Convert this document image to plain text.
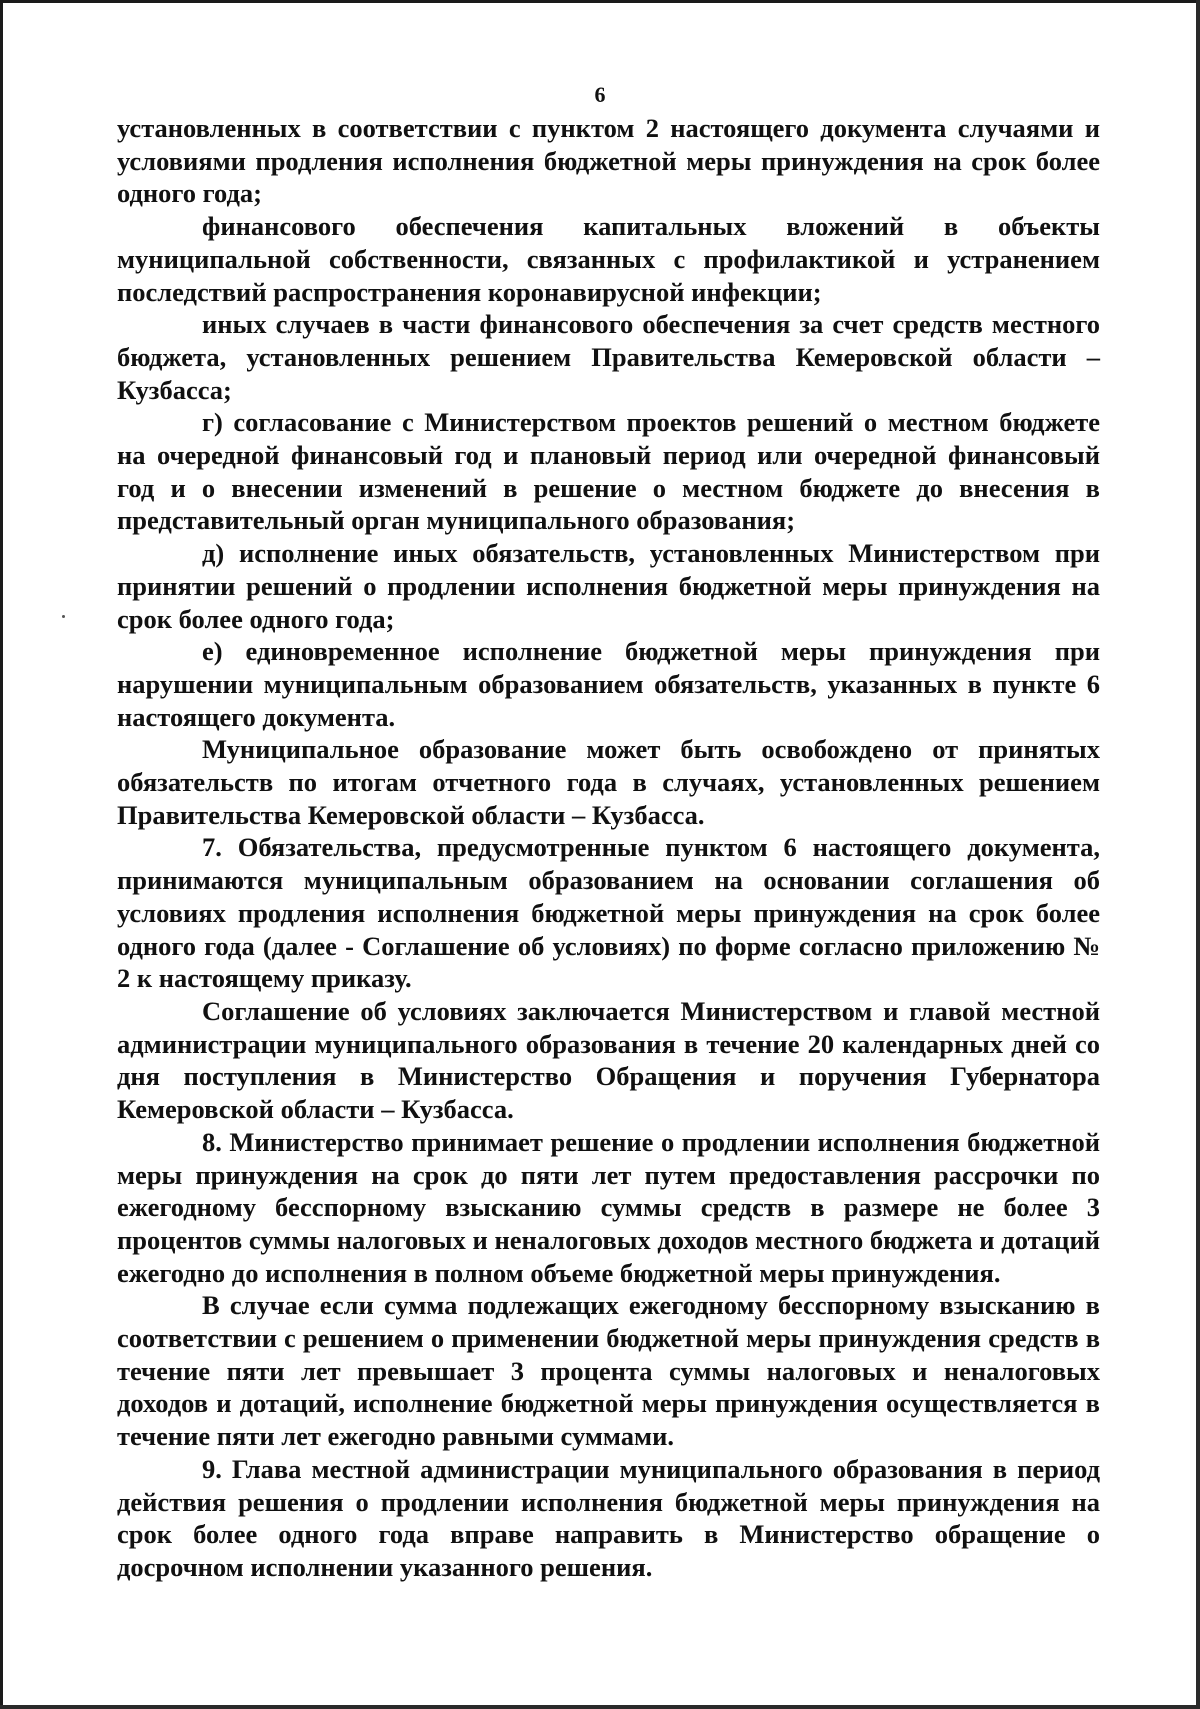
6

установленных в соответствии с пунктом 2 настоящего документа случаями и условиями продления исполнения бюджетной меры принуждения на срок более одного года;

финансового обеспечения капитальных вложений в объекты муниципальной собственности, связанных с профилактикой и устранением последствий распространения коронавирусной инфекции;

иных случаев в части финансового обеспечения за счет средств местного бюджета, установленных решением Правительства Кемеровской области – Кузбасса;

г) согласование с Министерством проектов решений о местном бюджете на очередной финансовый год и плановый период или очередной финансовый год и о внесении изменений в решение о местном бюджете до внесения в представительный орган муниципального образования;

д) исполнение иных обязательств, установленных Министерством при принятии решений о продлении исполнения бюджетной меры принуждения на срок более одного года;

е) единовременное исполнение бюджетной меры принуждения при нарушении муниципальным образованием обязательств, указанных в пункте 6 настоящего документа.

Муниципальное образование может быть освобождено от принятых обязательств по итогам отчетного года в случаях, установленных решением Правительства Кемеровской области – Кузбасса.

7. Обязательства, предусмотренные пунктом 6 настоящего документа, принимаются муниципальным образованием на основании соглашения об условиях продления исполнения бюджетной меры принуждения на срок более одного года (далее - Соглашение об условиях) по форме согласно приложению № 2 к настоящему приказу.

Соглашение об условиях заключается Министерством и главой местной администрации муниципального образования в течение 20 календарных дней со дня поступления в Министерство Обращения и поручения Губернатора Кемеровской области – Кузбасса.

8. Министерство принимает решение о продлении исполнения бюджетной меры принуждения на срок до пяти лет путем предоставления рассрочки по ежегодному бесспорному взысканию суммы средств в размере не более 3 процентов суммы налоговых и неналоговых доходов местного бюджета и дотаций ежегодно до исполнения в полном объеме бюджетной меры принуждения.

В случае если сумма подлежащих ежегодному бесспорному взысканию в соответствии с решением о применении бюджетной меры принуждения средств в течение пяти лет превышает 3 процента суммы налоговых и неналоговых доходов и дотаций, исполнение бюджетной меры принуждения осуществляется в течение пяти лет ежегодно равными суммами.

9. Глава местной администрации муниципального образования в период действия решения о продлении исполнения бюджетной меры принуждения на срок более одного года вправе направить в Министерство обращение о досрочном исполнении указанного решения.
